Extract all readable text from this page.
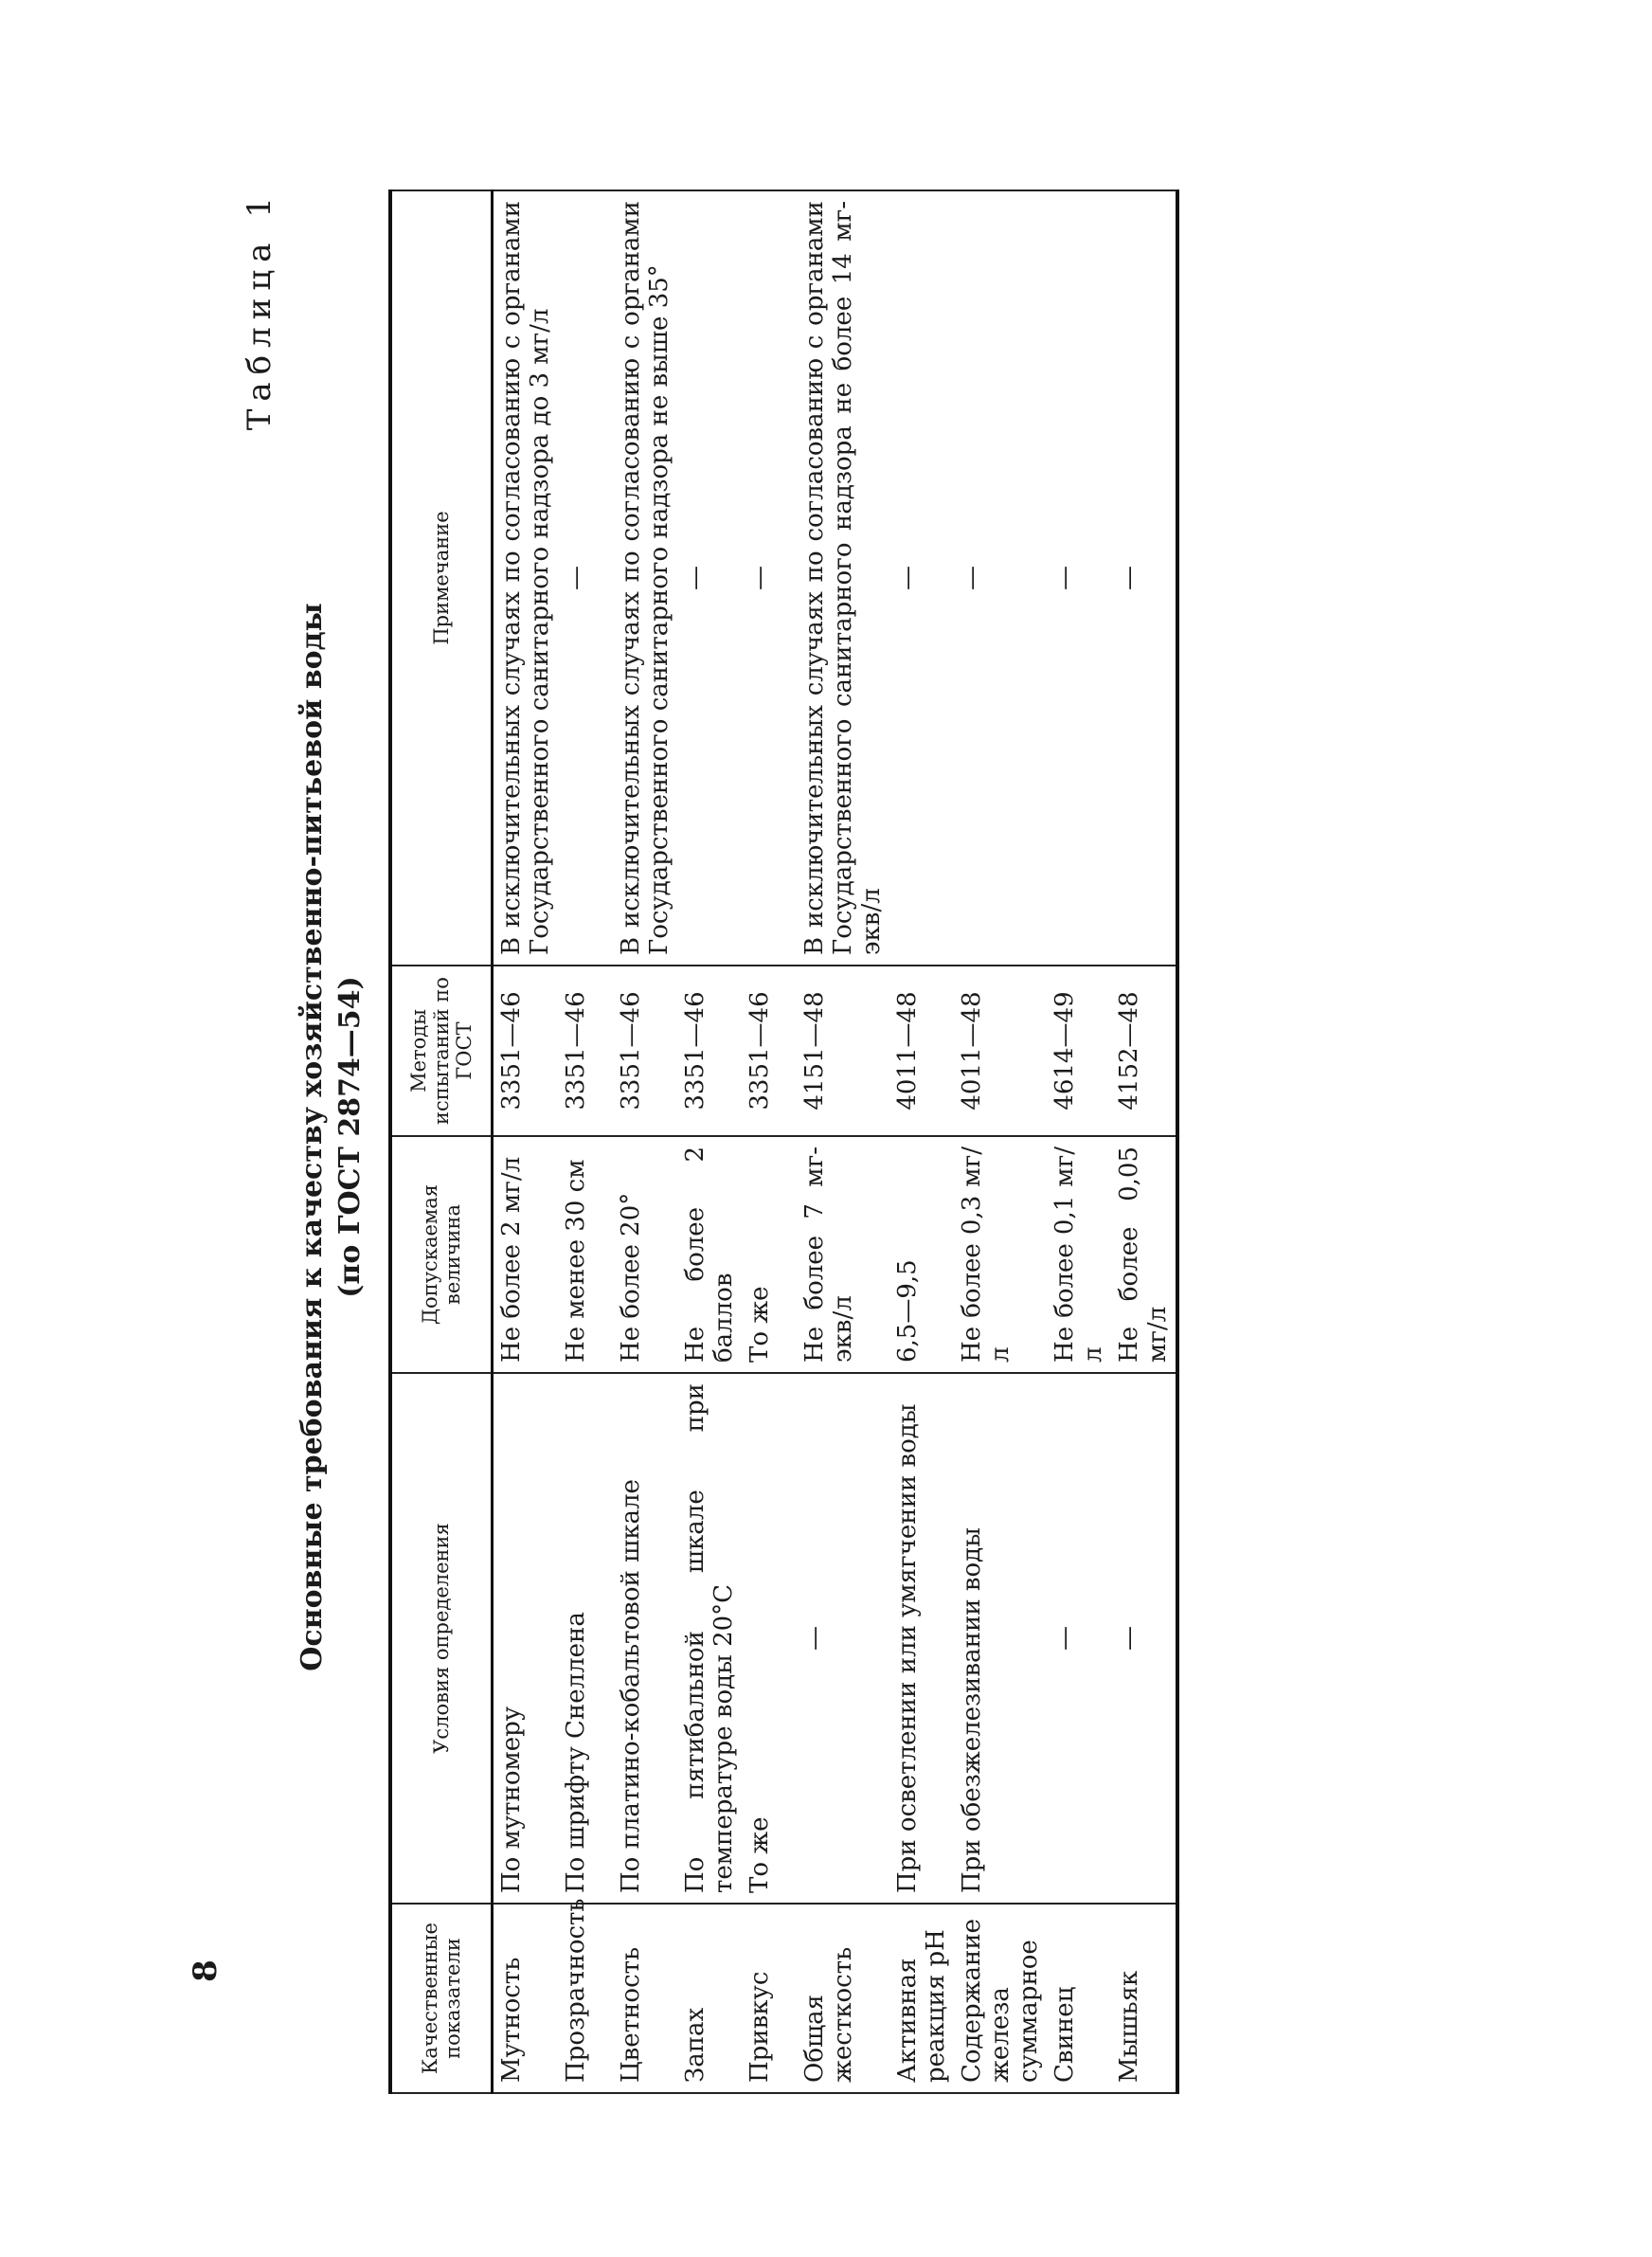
8
Таблица 1
Основные требования к качеству хозяйственно-питьевой воды (по ГОСТ 2874—54)
Качественные показатели	Условия определения	Допускаемая величина	Методы испытаний по ГОСТ	Примечание
Мутность	По мутномеру	Не более 2 мг/л	3351—46	В исключительных случаях по согласованию с органами Государственного санитарного надзора до 3 мг/л
Прозрачность	По шрифту Снеллена	Не менее 30 см	3351—46	—
Цветность	По платино-кобальтовой шкале	Не более 20°	3351—46	В исключительных случаях по согласованию с органами Государственного санитарного надзора не выше 35°
Запах	По пятибальной шкале при температуре воды 20°С	Не более 2 баллов	3351—46	—
Привкус	То же	То же	3351—46	—
Общая жесткость	—	Не более 7 мг-экв/л	4151—48	В исключительных случаях по согласованию с органами Государственного санитарного надзора не более 14 мг-экв/л
Активная реакция рН	При осветлении или умягчении воды	6,5—9,5	4011—48	—
Содержание железа суммарное	При обезжелезивании воды	Не более 0,3 мг/л	4011—48	—
Свинец	—	Не более 0,1 мг/л	4614—49	—
Мышьяк	—	Не более 0,05 мг/л	4152—48	—
